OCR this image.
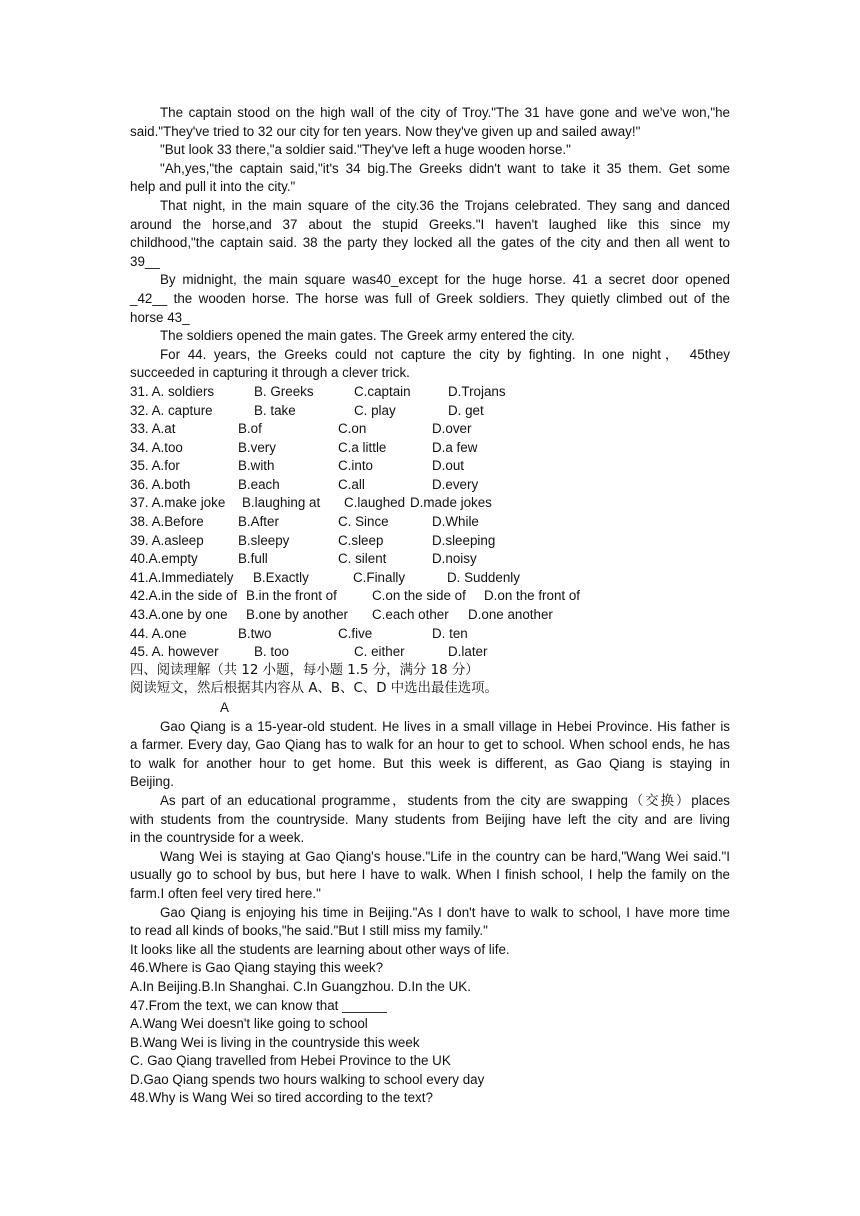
The captain stood on the high wall of the city of Troy."The 31 have gone and we've won,"he
said."They've tried to 32 our city for ten years. Now they've given up and sailed away!"
"But look 33 there,"a soldier said."They've left a huge wooden horse."
"Ah,yes,"the captain said,"it's 34 big.The Greeks didn't want to take it 35 them. Get some
help and pull it into the city."
That night, in the main square of the city.36 the Trojans celebrated. They sang and danced
around the horse,and 37 about the stupid Greeks."I haven't laughed like this since my
childhood,"the captain said. 38 the party they locked all the gates of the city and then all went to
39__
By midnight, the main square was40_except for the huge horse. 41 a secret door opened
_42__ the wooden horse. The horse was full of Greek soldiers. They quietly climbed out of the
horse 43_
The soldiers opened the main gates. The Greek army entered the city.
For 44. years, the Greeks could not capture the city by fighting. In one night， 45they
succeeded in capturing it through a clever trick.
31. A. soldiers	B. Greeks	C.captain	D.Trojans
32. A. capture	B. take	C. play	D. get
33. A.at	B.of	C.on	D.over
34. A.too	B.very	C.a little	D.a few
35. A.for	B.with	C.into	D.out
36. A.both	B.each	C.all	D.every
37. A.make joke	B.laughing at	C.laughed D.made jokes
38. A.Before	B.After	C. Since	D.While
39. A.asleep	B.sleepy	C.sleep	D.sleeping
40.A.empty	B.full	C. silent	D.noisy
41.A.Immediately	B.Exactly	C.Finally	D. Suddenly
42.A.in the side of B.in the front of	C.on the side of	D.on the front of
43.A.one by one	B.one by another	C.each other	D.one another
44. A.one	B.two	C.five	D. ten
45. A. however	B. too	C. either	D.later
四、阅读理解（共 12 小题，每小题 1.5 分，满分 18 分）
阅读短文，然后根据其内容从 A、B、C、D 中选出最佳选项。
A
Gao Qiang is a 15-year-old student. He lives in a small village in Hebei Province. His father is
a farmer. Every day, Gao Qiang has to walk for an hour to get to school. When school ends, he has
to walk for another hour to get home. But this week is different, as Gao Qiang is staying in
Beijing.
As part of an educational programme，students from the city are swapping（交换）places
with students from the countryside. Many students from Beijing have left the city and are living
in the countryside for a week.
Wang Wei is staying at Gao Qiang's house."Life in the country can be hard,"Wang Wei said."I
usually go to school by bus, but here I have to walk. When I finish school, I help the family on the
farm.I often feel very tired here."
Gao Qiang is enjoying his time in Beijing."As I don't have to walk to school, I have more time
to read all kinds of books,"he said."But I still miss my family."
It looks like all the students are learning about other ways of life.
46.Where is Gao Qiang staying this week?
A.In Beijing.B.In Shanghai. C.In Guangzhou. D.In the UK.
47.From the text, we can know that ______
A.Wang Wei doesn't like going to school
B.Wang Wei is living in the countryside this week
C. Gao Qiang travelled from Hebei Province to the UK
D.Gao Qiang spends two hours walking to school every day
48.Why is Wang Wei so tired according to the text?
